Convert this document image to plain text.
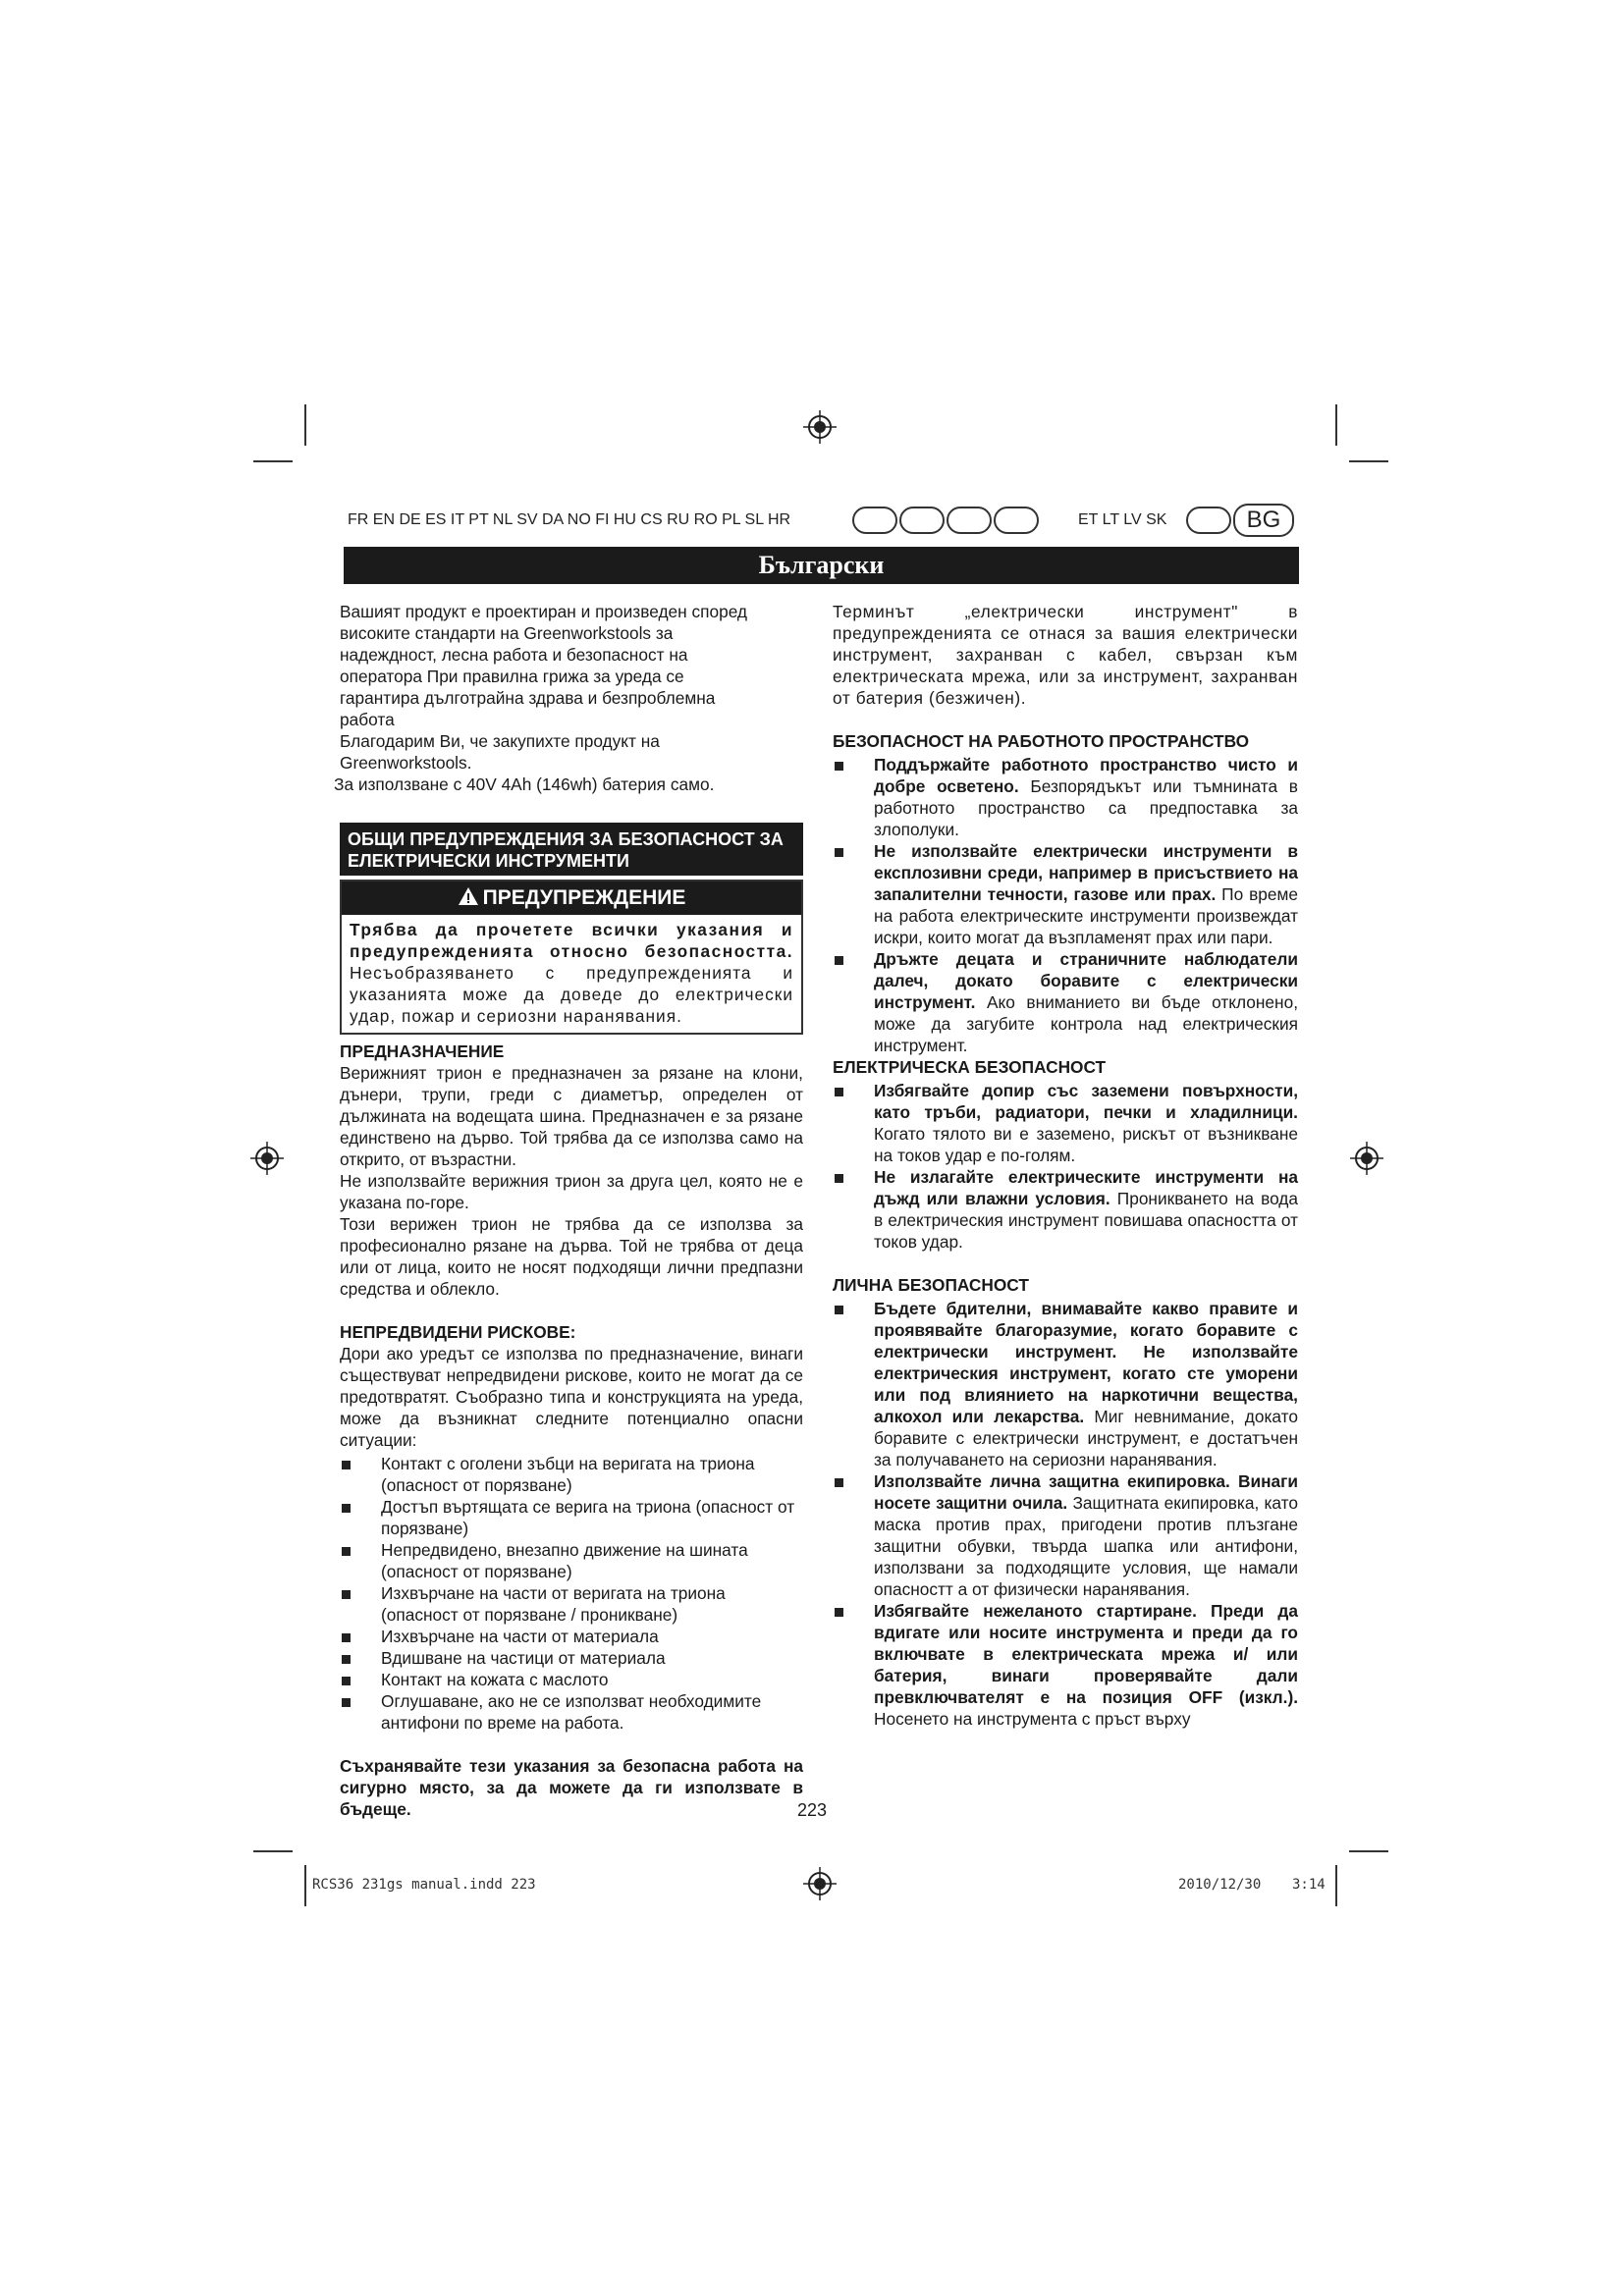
FR EN DE ES IT PT NL SV DA NO FI HU CS RU RO PL SL HR	ET LT LV SK	BG
Български

Вашият продукт е проектиран и произведен според

високите стандарти на Greenworkstools за

надеждност, лесна работа и безопасност на

оператора При правилна грижа за уреда се

гарантира дълготрайна здрава и безпроблемна

работа

Благодарим Ви, че закупихте продукт на

Greenworkstools.

За използване с 40V 4Ah (146wh) батерия само.

ОБЩИ ПРЕДУПРЕЖДЕНИЯ ЗА БЕЗОПАСНОСТ ЗА ЕЛЕКТРИЧЕСКИ ИНСТРУМЕНТИ
ПРЕДУПРЕЖДЕНИЕ
Трябва да прочетете всички указания и предупрежденията относно безопасността. Несъобразяването с предупрежденията и указанията може да доведе до електрически удар, пожар и сериозни наранявания.

ПРЕДНАЗНАЧЕНИЕ

Верижният трион е предназначен за рязане на клони, дънери, трупи, греди с диаметър, определен от дължината на водещата шина. Предназначен е за рязане единствено на дърво. Той трябва да се използва само на открито, от възрастни.

Не използвайте верижния трион за друга цел, която не е указана по-горе.

Този верижен трион не трябва да се използва за професионално рязане на дърва. Той не трябва от деца или от лица, които не носят подходящи лични предпазни средства и облекло.

НЕПРЕДВИДЕНИ РИСКОВЕ:

Дори ако уредът се използва по предназначение, винаги съществуват непредвидени рискове, които не могат да се предотвратят. Съобразно типа и конструкцията на уреда, може да възникнат следните потенциално опасни ситуации:

Контакт с оголени зъбци на веригата на триона (опасност от порязване)
Достъп въртящата се верига на триона (опасност от порязване)
Непредвидено, внезапно движение на шината (опасност от порязване)
Изхвърчане на части от веригата на триона (опасност от порязване / проникване)
Изхвърчане на части от материала
Вдишване на частици от материала
Контакт на кожата с маслото
Оглушаване, ако не се използват необходимите антифони по време на работа.

Съхранявайте тези указания за безопасна работа на сигурно място, за да можете да ги използвате в бъдеще.

Терминът „електрически инструмент" в предупрежденията се отнася за вашия електрически инструмент, захранван с кабел, свързан към електрическата мрежа, или за инструмент, захранван от батерия (безжичен).

БЕЗОПАСНОСТ НА РАБОТНОТО ПРОСТРАНСТВО

Поддържайте работното пространство чисто и добре осветено. Безпорядъкът или тъмнината в работното пространство са предпоставка за злополуки.
Не използвайте електрически инструменти в експлозивни среди, например в присъствието на запалителни течности, газове или прах. По време на работа електрическите инструменти произвеждат искри, които могат да възпламенят прах или пари.
Дръжте децата и страничните наблюдатели далеч, докато боравите с електрически инструмент. Ако вниманието ви бъде отклонено, може да загубите контрола над електрическия инструмент.

ЕЛЕКТРИЧЕСКА БЕЗОПАСНОСТ

Избягвайте допир със заземени повърхности, като тръби, радиатори, печки и хладилници. Когато тялото ви е заземено, рискът от възникване на токов удар е по-голям.
Не излагайте електрическите инструменти на дъжд или влажни условия. Проникването на вода в електрическия инструмент повишава опасността от токов удар.

ЛИЧНА БЕЗОПАСНОСТ

Бъдете бдителни, внимавайте какво правите и проявявайте благоразумие, когато боравите с електрически инструмент. Не използвайте електрическия инструмент, когато сте уморени или под влиянието на наркотични вещества, алкохол или лекарства. Миг невнимание, докато боравите с електрически инструмент, е достатъчен за получаването на сериозни наранявания.
Използвайте лична защитна екипировка. Винаги носете защитни очила. Защитната екипировка, като маска против прах, пригодени против плъзгане защитни обувки, твърда шапка или антифони, използвани за подходящите условия, ще намали опасностт а от физически наранявания.
Избягвайте нежеланото стартиране. Преди да вдигате или носите инструмента и преди да го включвате в електрическата мрежа и/ или батерия, винаги проверявайте дали превключвателят е на позиция OFF (изкл.). Носенето на инструмента с пръст върху
223
RCS36 231gs manual.indd 223	2010/12/30 3:14
